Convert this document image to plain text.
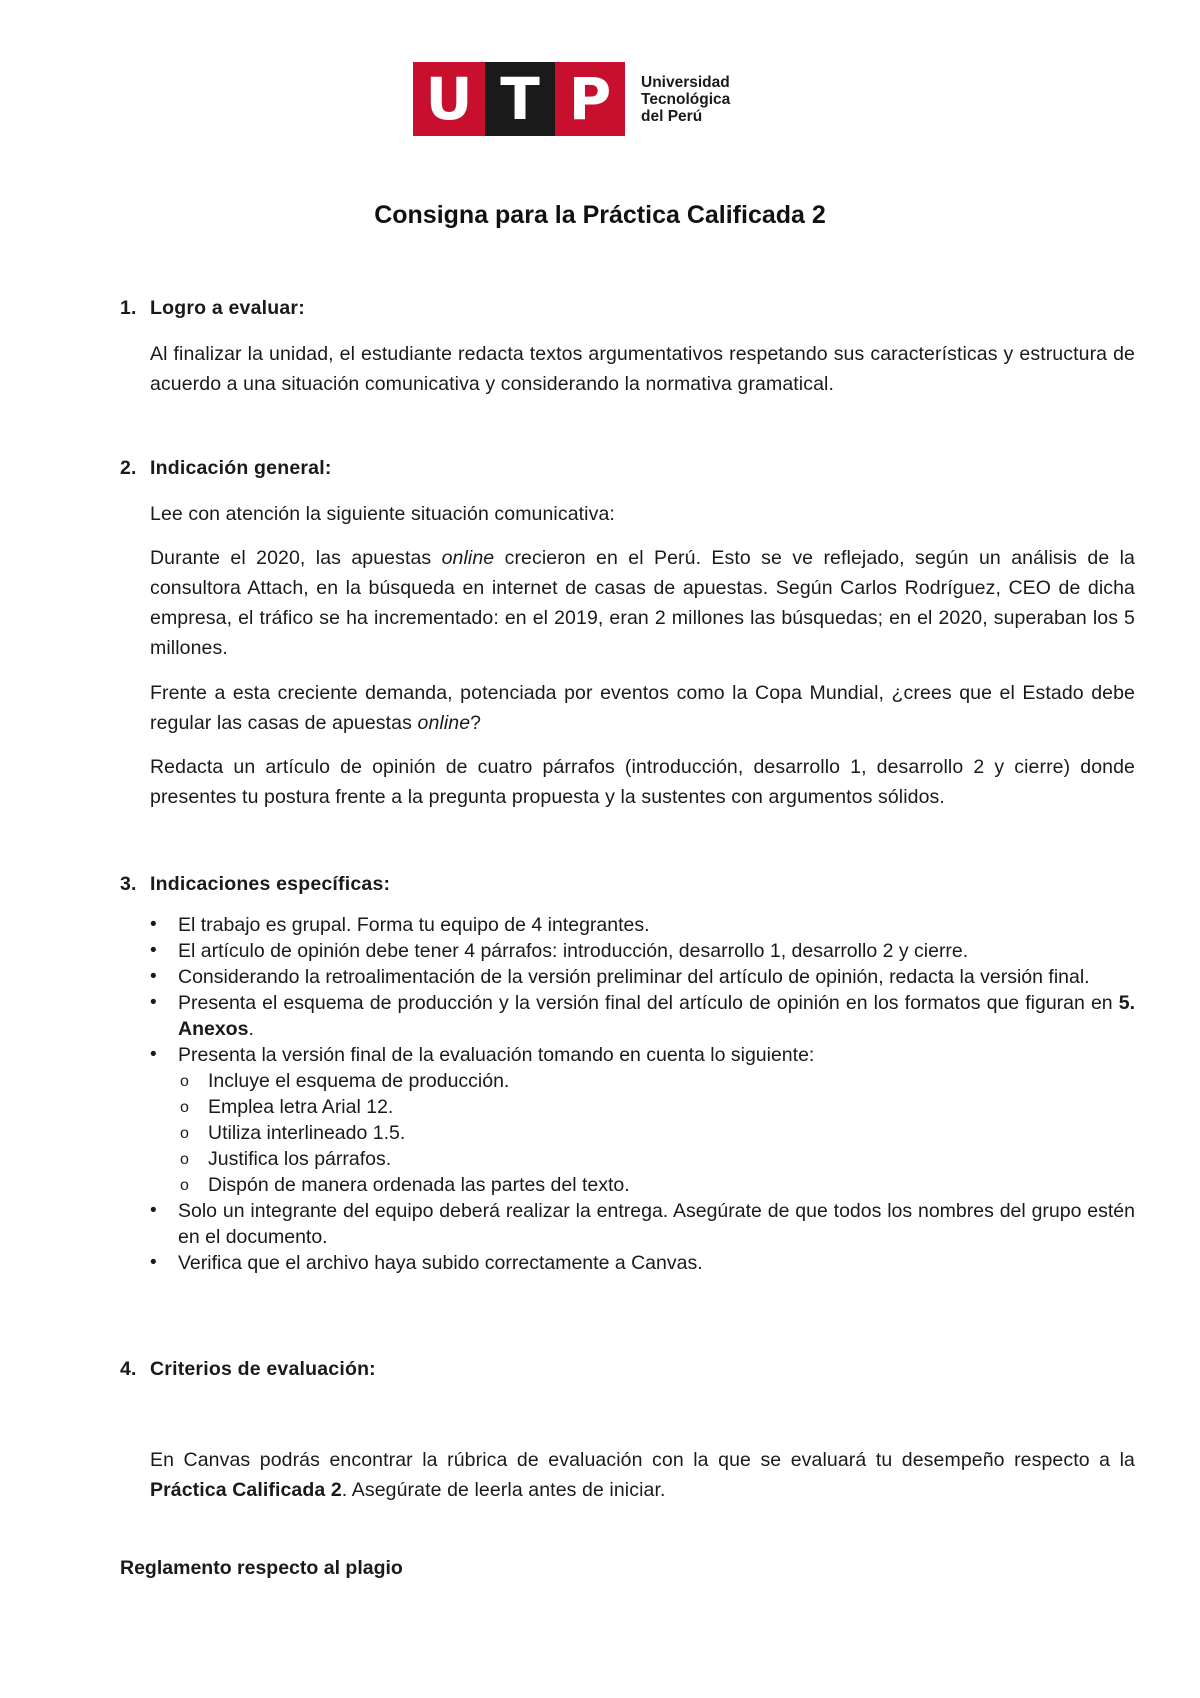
U T P	Universidad
Tecnológica
del Perú
Consigna para la Práctica Calificada 2
1. Logro a evaluar:
Al finalizar la unidad, el estudiante redacta textos argumentativos respetando sus características y estructura de acuerdo a una situación comunicativa y considerando la normativa gramatical.
2. Indicación general:
Lee con atención la siguiente situación comunicativa:
Durante el 2020, las apuestas online crecieron en el Perú. Esto se ve reflejado, según un análisis de la consultora Attach, en la búsqueda en internet de casas de apuestas. Según Carlos Rodríguez, CEO de dicha empresa, el tráfico se ha incrementado: en el 2019, eran 2 millones las búsquedas; en el 2020, superaban los 5 millones.
Frente a esta creciente demanda, potenciada por eventos como la Copa Mundial, ¿crees que el Estado debe regular las casas de apuestas online?
Redacta un artículo de opinión de cuatro párrafos (introducción, desarrollo 1, desarrollo 2 y cierre) donde presentes tu postura frente a la pregunta propuesta y la sustentes con argumentos sólidos.
3. Indicaciones específicas:
• El trabajo es grupal. Forma tu equipo de 4 integrantes.
• El artículo de opinión debe tener 4 párrafos: introducción, desarrollo 1, desarrollo 2 y cierre.
• Considerando la retroalimentación de la versión preliminar del artículo de opinión, redacta la versión final.
• Presenta el esquema de producción y la versión final del artículo de opinión en los formatos que figuran en 5. Anexos.
• Presenta la versión final de la evaluación tomando en cuenta lo siguiente:
o Incluye el esquema de producción.
o Emplea letra Arial 12.
o Utiliza interlineado 1.5.
o Justifica los párrafos.
o Dispón de manera ordenada las partes del texto.
• Solo un integrante del equipo deberá realizar la entrega. Asegúrate de que todos los nombres del grupo estén en el documento.
• Verifica que el archivo haya subido correctamente a Canvas.
4. Criterios de evaluación:
En Canvas podrás encontrar la rúbrica de evaluación con la que se evaluará tu desempeño respecto a la Práctica Calificada 2. Asegúrate de leerla antes de iniciar.
Reglamento respecto al plagio
